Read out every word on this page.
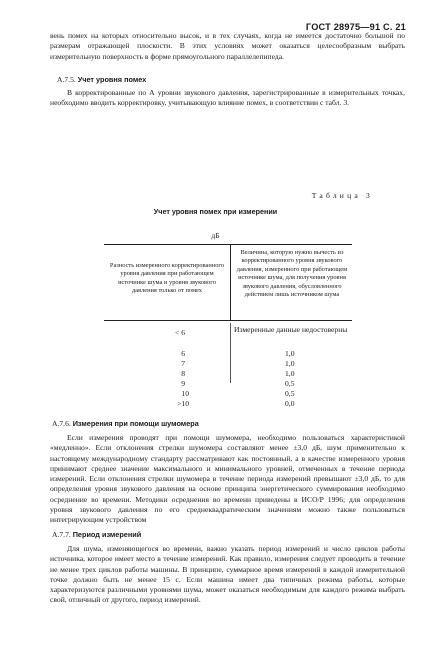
ГОСТ 28975—91 С. 21
вень помех на которых относительно высок, и в тех случаях, когда не имеется достаточно большой по размерам отражающей плоскости. В этих условиях может оказаться целесообразным выбрать измерительную поверхность в форме прямоугольного параллелепипеда.
А.7.5. Учет уровня помех
В корректированные по А уровни звукового давления, зарегистрированные в измерительных точках, необходимо вводить корректировку, учитывающую влияние помех, в соответствии с табл. 3.
Таблица 3
Учет уровня помех при измерении
дБ
Разность измеренного корректированного уровня давления при работающем источнике шума и уровня звукового давления только от помех
Величина, которую нужно вычесть из корректированного уровня звукового давления, измеренного при работающем источнике шума, для получения уровня звукового давления, обусловленного действием лишь источником шума
< 6	Измеренные данные недостоверны
6	1,0
7	1,0
8	1,0
9	0,5
10	0,5
>10	0,0
А.7.6. Измерения при помощи шумомера
Если измерения проводят при помощи шумомера, необходимо пользоваться характеристикой «медленно». Если отклонения стрелки шумомера составляют менее ±3,0 дБ, шум применительно к настоящему международному стандарту рассматривают как постоянный, а в качестве измеренного уровня принимают среднее значение максимального и минимального уровней, отмеченных в течение периода измерений. Если отклонения стрелки шумомера в течение периода измерений превышают ±3,0 дБ, то для определения уровня звукового давления на основе принципа энергетического суммирования необходимо осреднение во времени. Методики осреднения во времени приведены в ИСО/Р 1996; для определения уровня звукового давления по его среднеквадратическим значениям можно также пользоваться интегрирующим устройством
А.7.7. Период измерений
Для шума, изменяющегося во времени, важно указать период измерений и число циклов работы источника, которое имеет место в течение измерений. Как правило, измерения следует проводить в течение не менее трех циклов работы машины. В принципе, суммарное время измерений в каждой измерительной точке должно быть не менее 15 с. Если машина имеет два типичных режима работы, которые характеризуются различными уровнями шума, может оказаться необходимым для каждого режима выбрать свой, отличный от другого, период измерений.
